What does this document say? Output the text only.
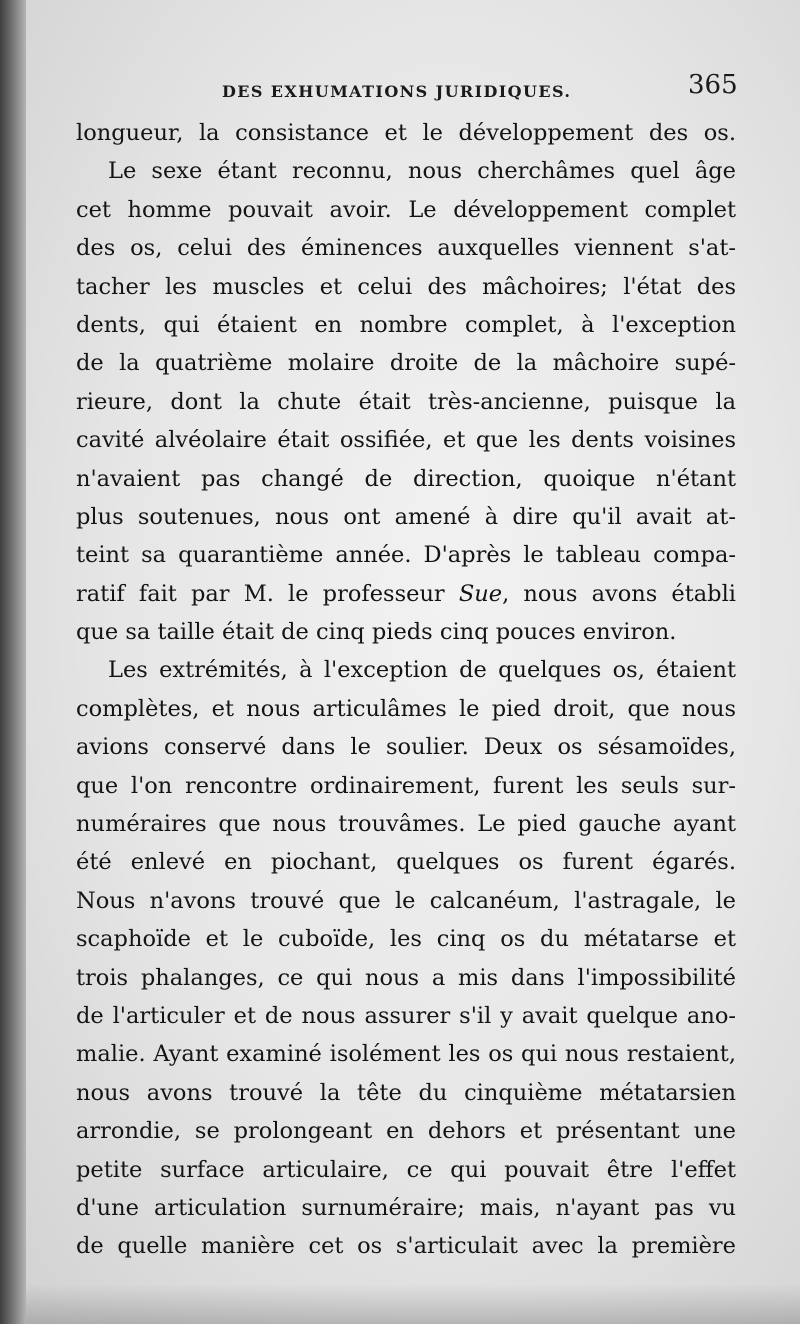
DES EXHUMATIONS JURIDIQUES.	365
longueur, la consistance et le développement des os.
Le sexe étant reconnu, nous cherchâmes quel âge
cet homme pouvait avoir. Le développement complet
des os, celui des éminences auxquelles viennent s'at-
tacher les muscles et celui des mâchoires; l'état des
dents, qui étaient en nombre complet, à l'exception
de la quatrième molaire droite de la mâchoire supé-
rieure, dont la chute était très-ancienne, puisque la
cavité alvéolaire était ossifiée, et que les dents voisines
n'avaient pas changé de direction, quoique n'étant
plus soutenues, nous ont amené à dire qu'il avait at-
teint sa quarantième année. D'après le tableau compa-
ratif fait par M. le professeur Sue, nous avons établi
que sa taille était de cinq pieds cinq pouces environ.
Les extrémités, à l'exception de quelques os, étaient
complètes, et nous articulâmes le pied droit, que nous
avions conservé dans le soulier. Deux os sésamoïdes,
que l'on rencontre ordinairement, furent les seuls sur-
numéraires que nous trouvâmes. Le pied gauche ayant
été enlevé en piochant, quelques os furent égarés.
Nous n'avons trouvé que le calcanéum, l'astragale, le
scaphoïde et le cuboïde, les cinq os du métatarse et
trois phalanges, ce qui nous a mis dans l'impossibilité
de l'articuler et de nous assurer s'il y avait quelque ano-
malie. Ayant examiné isolément les os qui nous restaient,
nous avons trouvé la tête du cinquième métatarsien
arrondie, se prolongeant en dehors et présentant une
petite surface articulaire, ce qui pouvait être l'effet
d'une articulation surnuméraire; mais, n'ayant pas vu
de quelle manière cet os s'articulait avec la première
